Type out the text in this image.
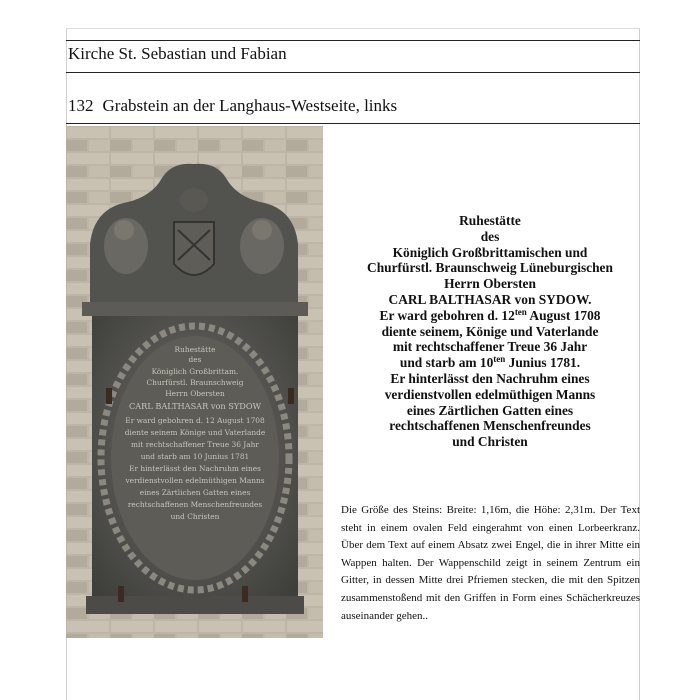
Kirche St. Sebastian und Fabian
132 Grabstein an der Langhaus-Westseite, links
Ruhestätte
des
Königlich Großbrittam.
Churfürstl. Braunschweig
Herrn Obersten
CARL BALTHASAR von SYDOW
Er ward gebohren d. 12 August 1708
diente seinem Könige und Vaterlande
mit rechtschaffener Treue 36 Jahr
und starb am 10 Junius 1781
Er hinterlässt den Nachruhm eines
verdienstvollen edelmüthigen Manns
eines Zärtlichen Gatten eines
rechtschaffenen Menschenfreundes
und Christen
Ruhestätte
des
Königlich Großbrittamischen und
Churfürstl. Braunschweig Lüneburgischen
Herrn Obersten
CARL BALTHASAR von SYDOW.
Er ward gebohren d. $12^{ten}$ August 1708
diente seinem, Könige und Vaterlande
mit rechtschaffener Treue 36 Jahr
und starb am $10^{ten}$ Junius 1781.
Er hinterlässt den Nachruhm eines
verdienstvollen edelmüthigen Manns
eines Zärtlichen Gatten eines
rechtschaffenen Menschenfreundes
und Christen
Die Größe des Steins: Breite: 1,16m, die Höhe: 2,31m. Der Text steht in einem ovalen Feld eingerahmt von einen Lorbeerkranz. Über dem Text auf einem Absatz zwei Engel, die in ihrer Mitte ein Wappen halten. Der Wappenschild zeigt in seinem Zentrum ein Gitter, in dessen Mitte drei Pfriemen stecken, die mit den Spitzen zusammenstoßend mit den Griffen in Form eines Schächerkreuzes auseinander gehen..
